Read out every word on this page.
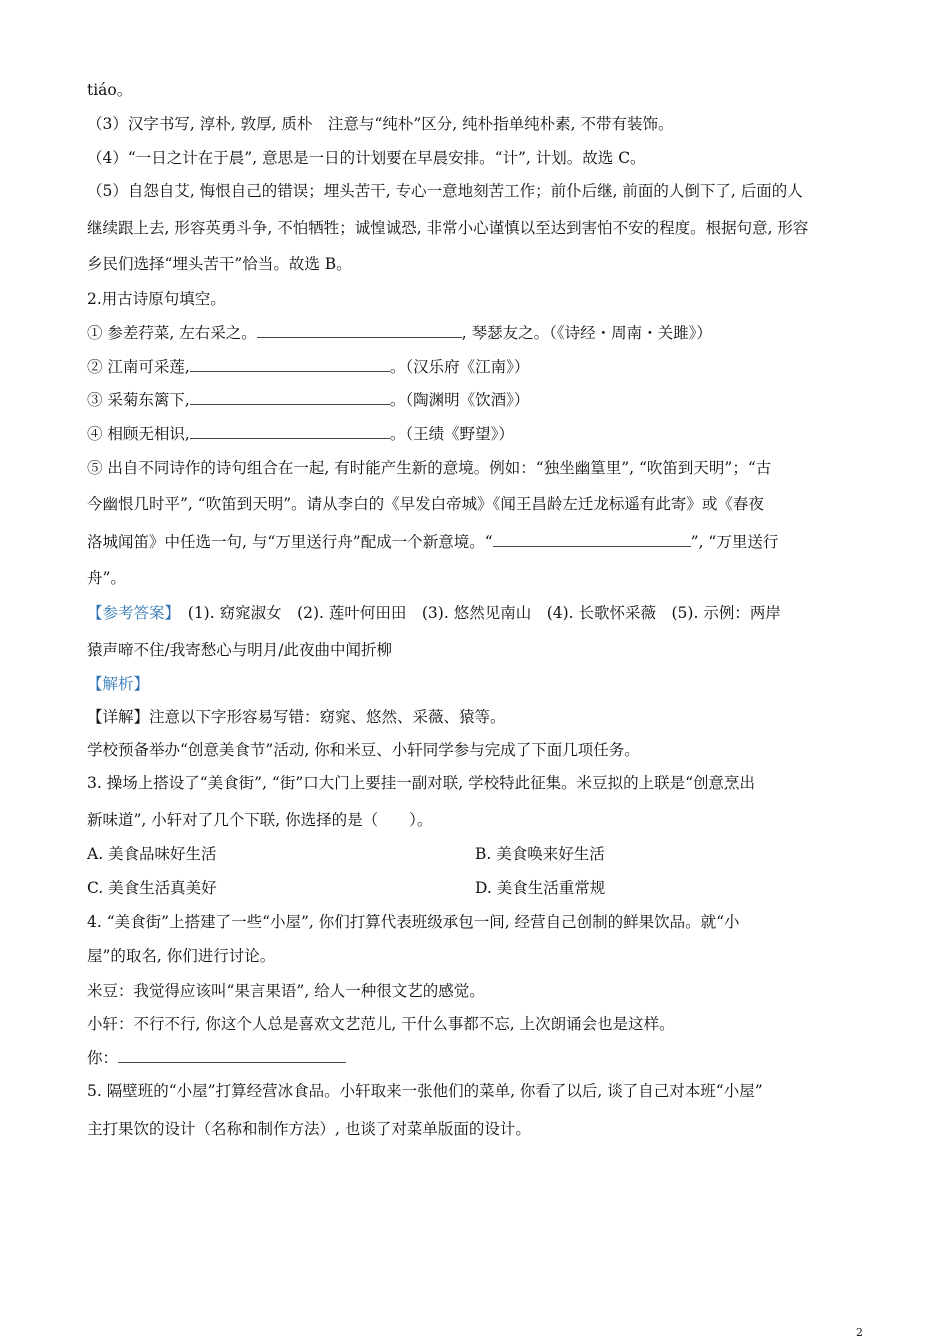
tiáo。
（3）汉字书写, 淳朴, 敦厚, 质朴　注意与“纯朴”区分, 纯朴指单纯朴素, 不带有装饰。
（4）“一日之计在于晨”, 意思是一日的计划要在早晨安排。“计”, 计划。故选 C。
（5）自怨自艾, 悔恨自己的错误；埋头苦干, 专心一意地刻苦工作；前仆后继, 前面的人倒下了, 后面的人
继续跟上去, 形容英勇斗争, 不怕牺牲；诚惶诚恐, 非常小心谨慎以至达到害怕不安的程度。根据句意, 形容
乡民们选择“埋头苦干”恰当。故选 B。
2.用古诗原句填空。
① 参差荇菜, 左右采之。	, 琴瑟友之。（《诗经・周南・关雎》）
② 江南可采莲,	。（汉乐府《江南》）
③ 采菊东篱下,	。（陶渊明《饮酒》）
④ 相顾无相识,	。（王绩《野望》）
⑤ 出自不同诗作的诗句组合在一起, 有时能产生新的意境。例如：“独坐幽篁里”, “吹笛到天明”；“古
今幽恨几时平”, “吹笛到天明”。请从李白的《早发白帝城》《闻王昌龄左迁龙标遥有此寄》或《春夜
洛城闻笛》中任选一句, 与“万里送行舟”配成一个新意境。“	”, “万里送行
舟”。
【参考答案】　(1). 窈窕淑女　(2). 莲叶何田田　(3). 悠然见南山　(4). 长歌怀采薇　(5). 示例：两岸
猿声啼不住/我寄愁心与明月/此夜曲中闻折柳
【解析】
【详解】注意以下字形容易写错：窈窕、悠然、采薇、猿等。
学校预备举办“创意美食节”活动, 你和米豆、小轩同学参与完成了下面几项任务。
3. 操场上搭设了“美食街”, “街”口大门上要挂一副对联, 学校特此征集。米豆拟的上联是“创意烹出
新味道”, 小轩对了几个下联, 你选择的是（　　）。
A. 美食品味好生活	B. 美食唤来好生活
C. 美食生活真美好	D. 美食生活重常规
4. “美食街”上搭建了一些“小屋”, 你们打算代表班级承包一间, 经营自己创制的鲜果饮品。就“小
屋”的取名, 你们进行讨论。
米豆：我觉得应该叫“果言果语”, 给人一种很文艺的感觉。
小轩：不行不行, 你这个人总是喜欢文艺范儿, 干什么事都不忘, 上次朗诵会也是这样。
你：
5. 隔壁班的“小屋”打算经营冰食品。小轩取来一张他们的菜单, 你看了以后, 谈了自己对本班“小屋”
主打果饮的设计（名称和制作方法）, 也谈了对菜单版面的设计。
2
